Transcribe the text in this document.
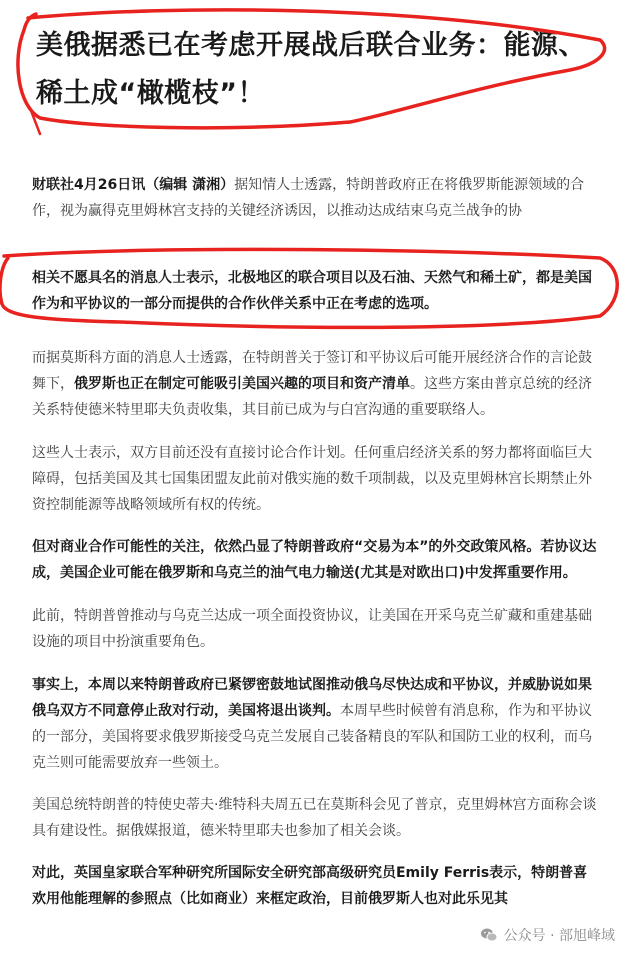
美俄据悉已在考虑开展战后联合业务：能源、稀土成“橄榄枝”！

财联社4月26日讯（编辑 潇湘）据知情人士透露，特朗普政府正在将俄罗斯能源领域的合作，视为赢得克里姆林宫支持的关键经济诱因，以推动达成结束乌克兰战争的协

相关不愿具名的消息人士表示，北极地区的联合项目以及石油、天然气和稀土矿，都是美国作为和平协议的一部分而提供的合作伙伴关系中正在考虑的选项。

而据莫斯科方面的消息人士透露，在特朗普关于签订和平协议后可能开展经济合作的言论鼓舞下，俄罗斯也正在制定可能吸引美国兴趣的项目和资产清单。这些方案由普京总统的经济关系特使德米特里耶夫负责收集，其目前已成为与白宫沟通的重要联络人。

这些人士表示，双方目前还没有直接讨论合作计划。任何重启经济关系的努力都将面临巨大障碍，包括美国及其七国集团盟友此前对俄实施的数千项制裁，以及克里姆林宫长期禁止外资控制能源等战略领域所有权的传统。

但对商业合作可能性的关注，依然凸显了特朗普政府“交易为本”的外交政策风格。若协议达成，美国企业可能在俄罗斯和乌克兰的油气电力输送(尤其是对欧出口)中发挥重要作用。

此前，特朗普曾推动与乌克兰达成一项全面投资协议，让美国在开采乌克兰矿藏和重建基础设施的项目中扮演重要角色。

事实上，本周以来特朗普政府已紧锣密鼓地试图推动俄乌尽快达成和平协议，并威胁说如果俄乌双方不同意停止敌对行动，美国将退出谈判。本周早些时候曾有消息称，作为和平协议的一部分，美国将要求俄罗斯接受乌克兰发展自己装备精良的军队和国防工业的权利，而乌克兰则可能需要放弃一些领土。

美国总统特朗普的特使史蒂夫·维特科夫周五已在莫斯科会见了普京，克里姆林宫方面称会谈具有建设性。据俄媒报道，德米特里耶夫也参加了相关会谈。

对此，英国皇家联合军种研究所国际安全研究部高级研究员Emily Ferris表示，特朗普喜欢用他能理解的参照点（比如商业）来框定政治，目前俄罗斯人也对此乐见其

公众号 · 部旭峰域
